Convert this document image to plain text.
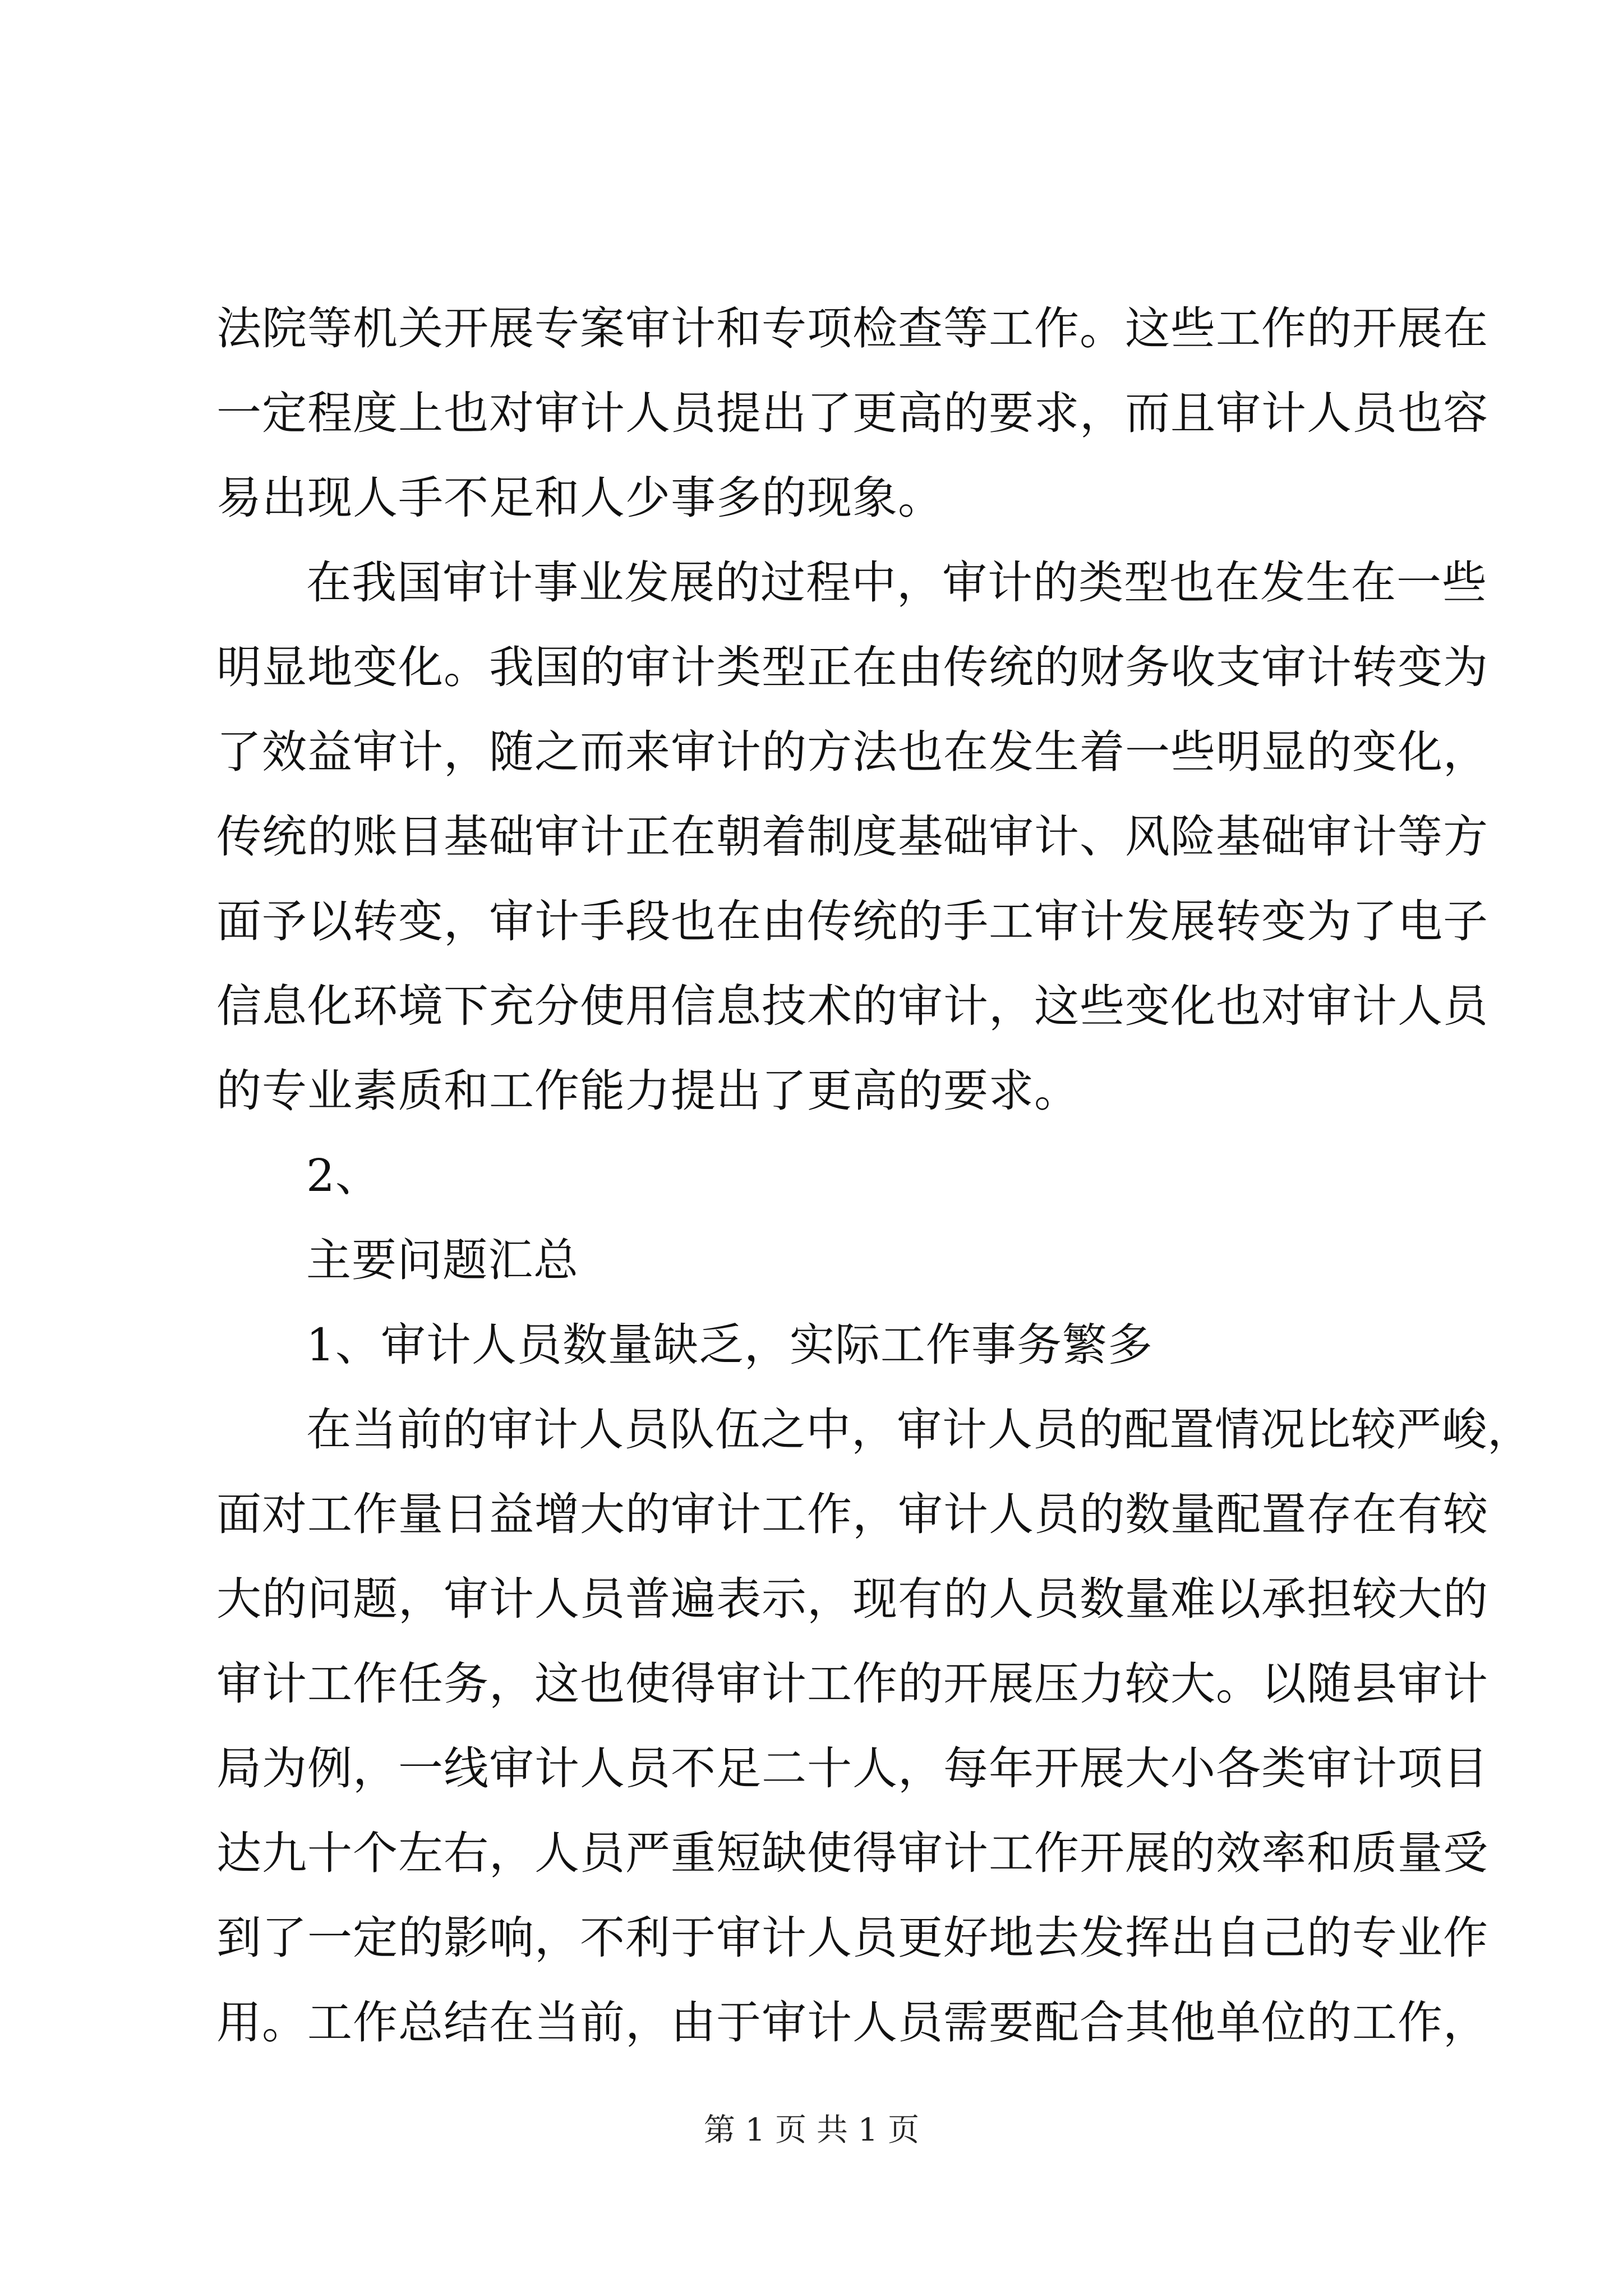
法院等机关开展专案审计和专项检查等工作。这些工作的开展在
一定程度上也对审计人员提出了更高的要求，而且审计人员也容
易出现人手不足和人少事多的现象。
在我国审计事业发展的过程中，审计的类型也在发生在一些
明显地变化。我国的审计类型正在由传统的财务收支审计转变为
了效益审计，随之而来审计的方法也在发生着一些明显的变化，
传统的账目基础审计正在朝着制度基础审计、风险基础审计等方
面予以转变，审计手段也在由传统的手工审计发展转变为了电子
信息化环境下充分使用信息技术的审计，这些变化也对审计人员
的专业素质和工作能力提出了更高的要求。
2、
主要问题汇总
1、审计人员数量缺乏，实际工作事务繁多
在当前的审计人员队伍之中，审计人员的配置情况比较严峻，
面对工作量日益增大的审计工作，审计人员的数量配置存在有较
大的问题，审计人员普遍表示，现有的人员数量难以承担较大的
审计工作任务，这也使得审计工作的开展压力较大。以随县审计
局为例，一线审计人员不足二十人，每年开展大小各类审计项目
达九十个左右，人员严重短缺使得审计工作开展的效率和质量受
到了一定的影响，不利于审计人员更好地去发挥出自己的专业作
用。工作总结在当前，由于审计人员需要配合其他单位的工作，
第 1 页 共 1 页
